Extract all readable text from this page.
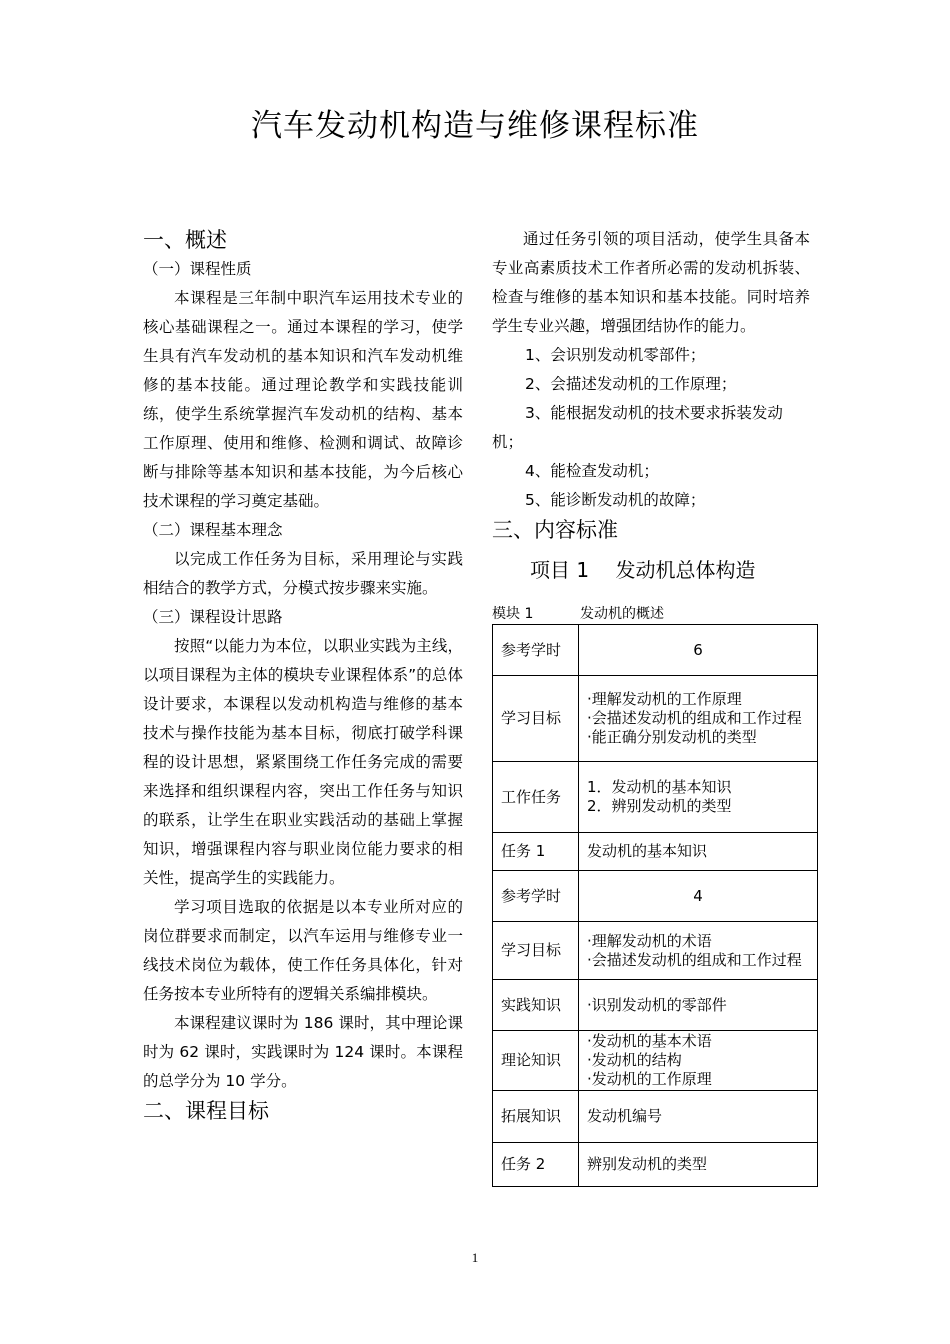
汽车发动机构造与维修课程标准
一、概述
（一）课程性质
本课程是三年制中职汽车运用技术专业的核心基础课程之一。通过本课程的学习，使学生具有汽车发动机的基本知识和汽车发动机维修的基本技能。通过理论教学和实践技能训练，使学生系统掌握汽车发动机的结构、基本工作原理、使用和维修、检测和调试、故障诊断与排除等基本知识和基本技能，为今后核心技术课程的学习奠定基础。
（二）课程基本理念
以完成工作任务为目标，采用理论与实践相结合的教学方式，分模式按步骤来实施。
（三）课程设计思路
按照“以能力为本位，以职业实践为主线，以项目课程为主体的模块专业课程体系”的总体设计要求，本课程以发动机构造与维修的基本技术与操作技能为基本目标，彻底打破学科课程的设计思想，紧紧围绕工作任务完成的需要来选择和组织课程内容，突出工作任务与知识的联系，让学生在职业实践活动的基础上掌握知识，增强课程内容与职业岗位能力要求的相关性，提高学生的实践能力。
学习项目选取的依据是以本专业所对应的岗位群要求而制定，以汽车运用与维修专业一线技术岗位为载体，使工作任务具体化，针对任务按本专业所特有的逻辑关系编排模块。
本课程建议课时为 186 课时，其中理论课时为 62 课时，实践课时为 124 课时。本课程的总学分为 10 学分。
二、课程目标
通过任务引领的项目活动，使学生具备本专业高素质技术工作者所必需的发动机拆装、检查与维修的基本知识和基本技能。同时培养学生专业兴趣，增强团结协作的能力。
1、会识别发动机零部件；
2、会描述发动机的工作原理；
3、能根据发动机的技术要求拆装发动
机；
4、能检查发动机；
5、能诊断发动机的故障；
三、内容标准
项目 1　 发动机总体构造
模块 1	发动机的概述
参考学时	6
学习目标	·理解发动机的工作原理
·会描述发动机的组成和工作过程
·能正确分别发动机的类型

工作任务	1．发动机的基本知识
2．辨别发动机的类型

任务 1	发动机的基本知识
参考学时	4
学习目标	·理解发动机的术语
·会描述发动机的组成和工作过程

实践知识	·识别发动机的零部件
理论知识	·发动机的基本术语
·发动机的结构
·发动机的工作原理

拓展知识	发动机编号
任务 2	辨别发动机的类型
1
